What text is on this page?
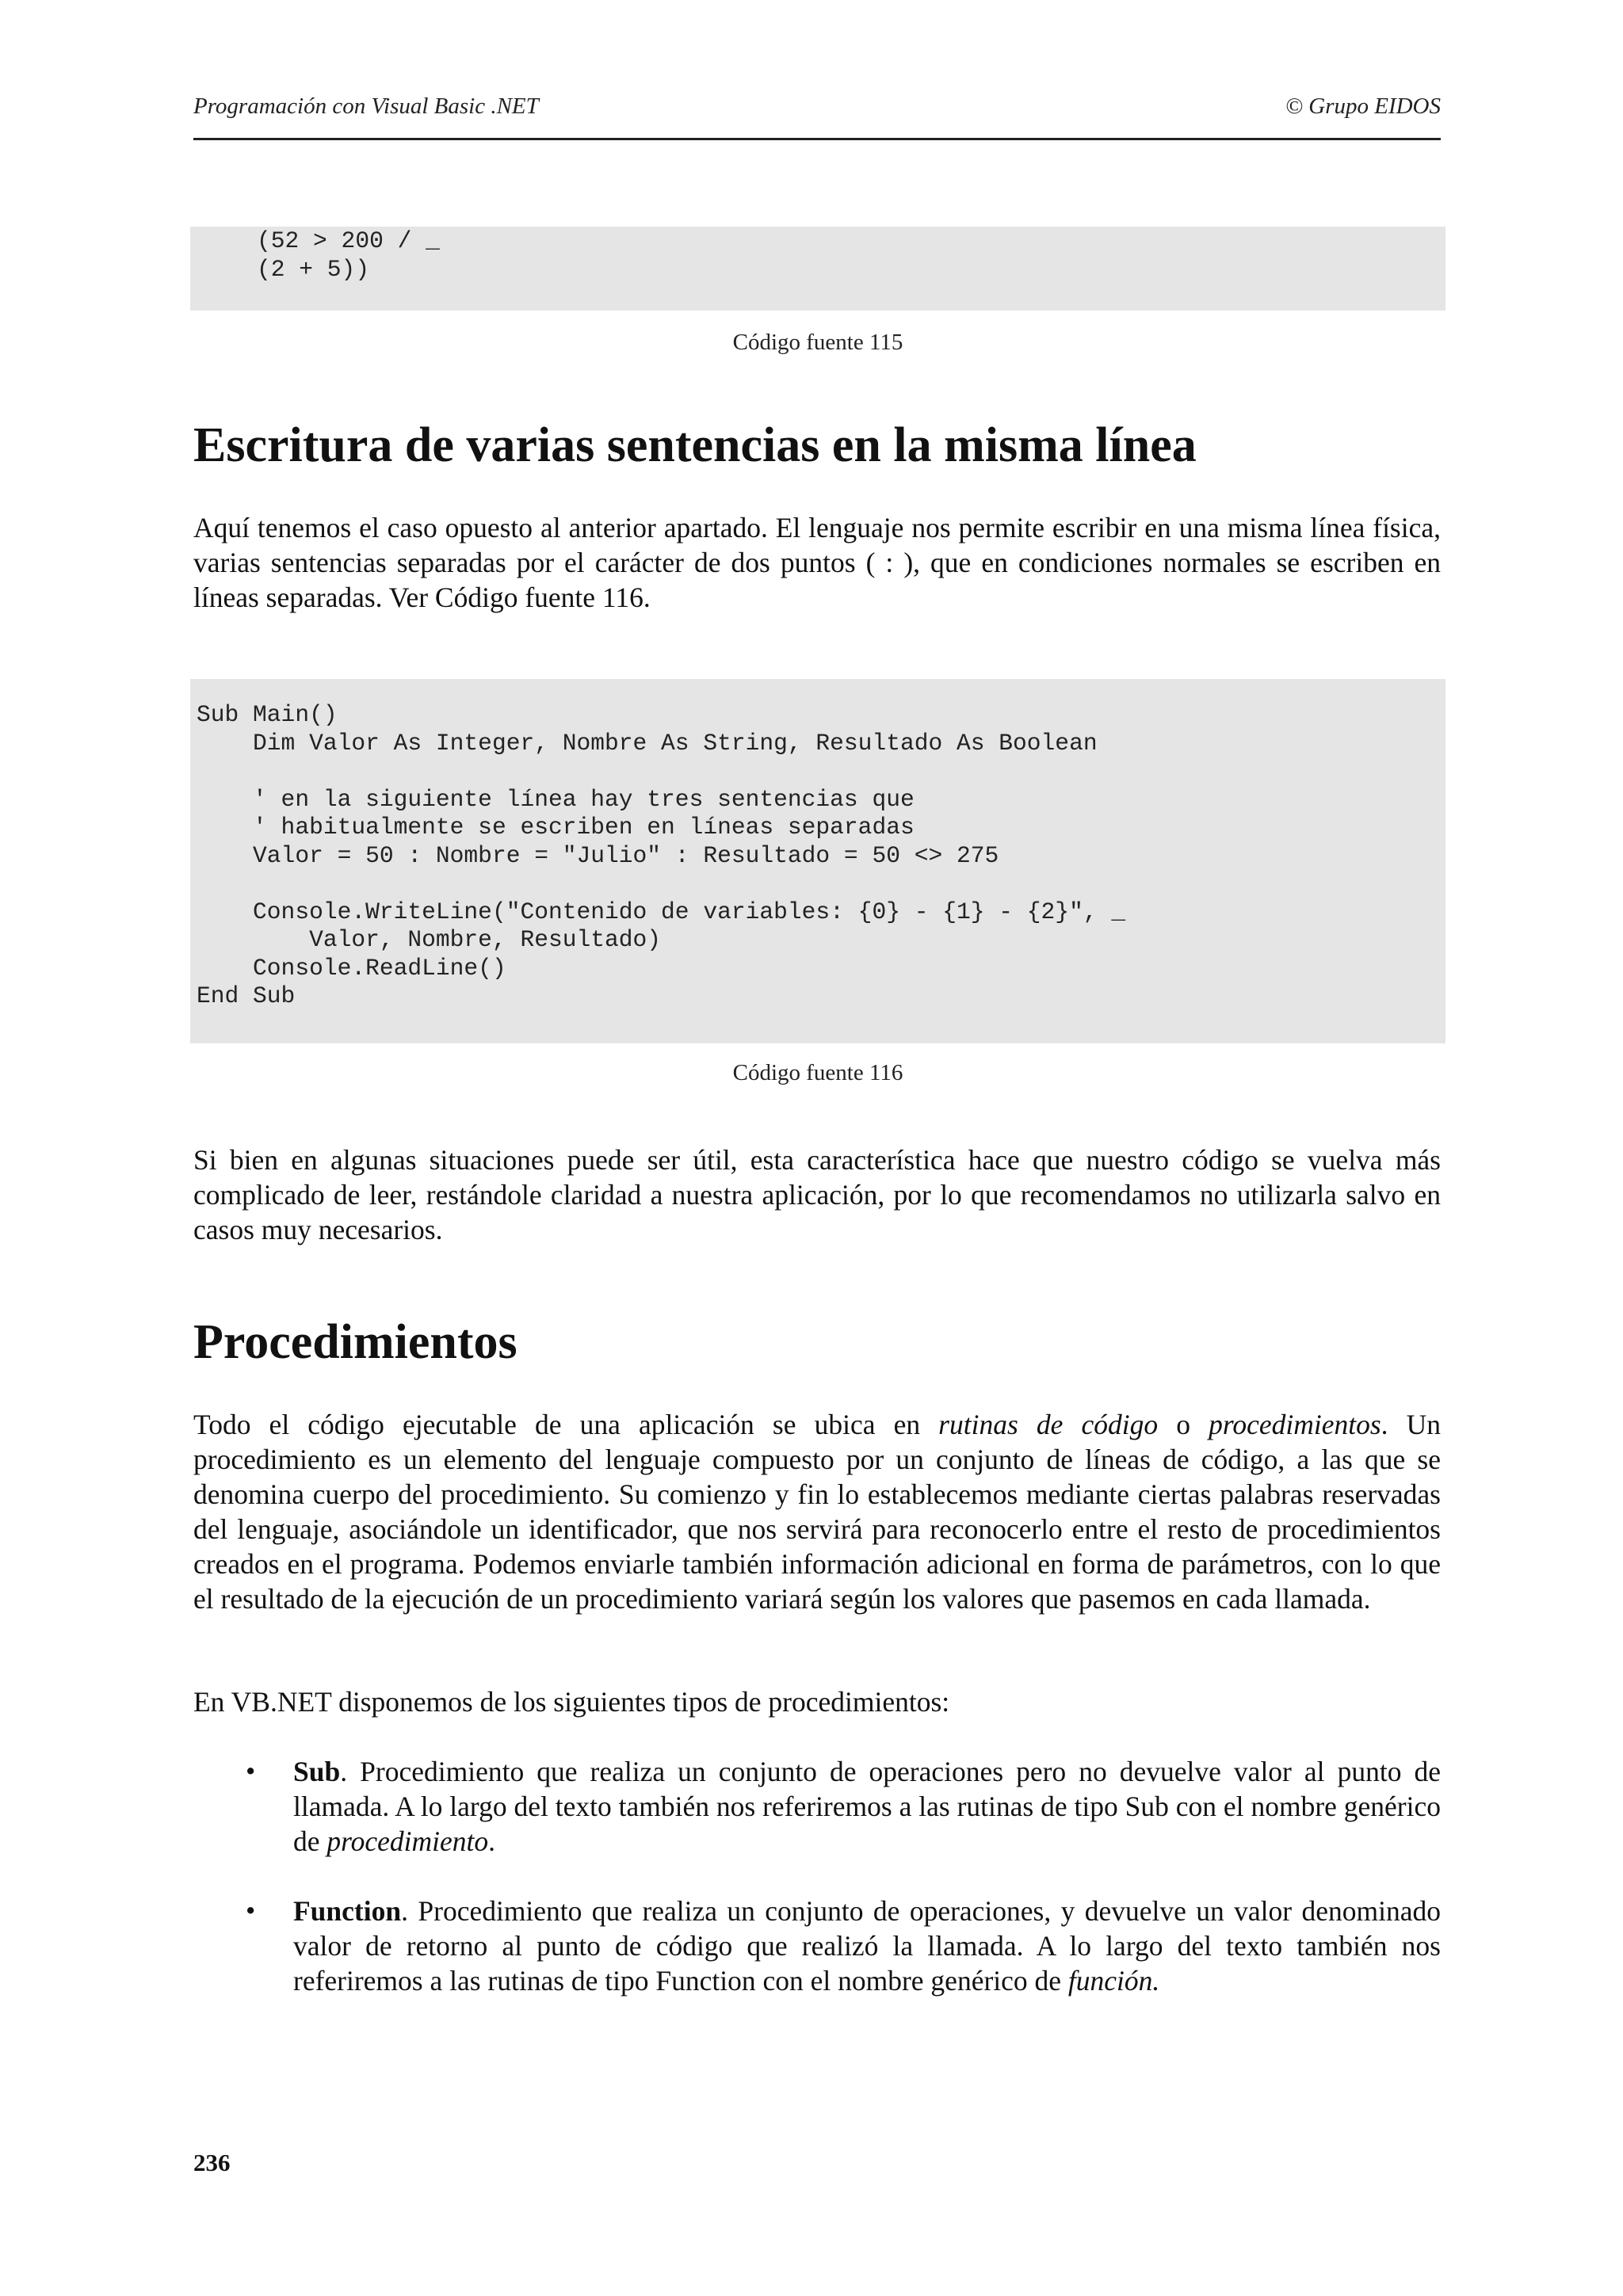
Programación con Visual Basic .NET	© Grupo EIDOS
(52 > 200 / _
(2 + 5))
Código fuente 115
Escritura de varias sentencias en la misma línea

Aquí tenemos el caso opuesto al anterior apartado. El lenguaje nos permite escribir en una misma línea física, varias sentencias separadas por el carácter de dos puntos ( : ), que en condiciones normales se escriben en líneas separadas. Ver Código fuente 116.

Sub Main()
Dim Valor As Integer, Nombre As String, Resultado As Boolean

' en la siguiente línea hay tres sentencias que
' habitualmente se escriben en líneas separadas
Valor = 50 : Nombre = "Julio" : Resultado = 50 <> 275

Console.WriteLine("Contenido de variables: {0} - {1} - {2}", _
Valor, Nombre, Resultado)
Console.ReadLine()
End Sub
Código fuente 116

Si bien en algunas situaciones puede ser útil, esta característica hace que nuestro código se vuelva más complicado de leer, restándole claridad a nuestra aplicación, por lo que recomendamos no utilizarla salvo en casos muy necesarios.

Procedimientos

Todo el código ejecutable de una aplicación se ubica en rutinas de código o procedimientos. Un procedimiento es un elemento del lenguaje compuesto por un conjunto de líneas de código, a las que se denomina cuerpo del procedimiento. Su comienzo y fin lo establecemos mediante ciertas palabras reservadas del lenguaje, asociándole un identificador, que nos servirá para reconocerlo entre el resto de procedimientos creados en el programa. Podemos enviarle también información adicional en forma de parámetros, con lo que el resultado de la ejecución de un procedimiento variará según los valores que pasemos en cada llamada.

En VB.NET disponemos de los siguientes tipos de procedimientos:

• Sub. Procedimiento que realiza un conjunto de operaciones pero no devuelve valor al punto de llamada. A lo largo del texto también nos referiremos a las rutinas de tipo Sub con el nombre genérico de procedimiento.
• Function. Procedimiento que realiza un conjunto de operaciones, y devuelve un valor denominado valor de retorno al punto de código que realizó la llamada. A lo largo del texto también nos referiremos a las rutinas de tipo Function con el nombre genérico de función.
236
